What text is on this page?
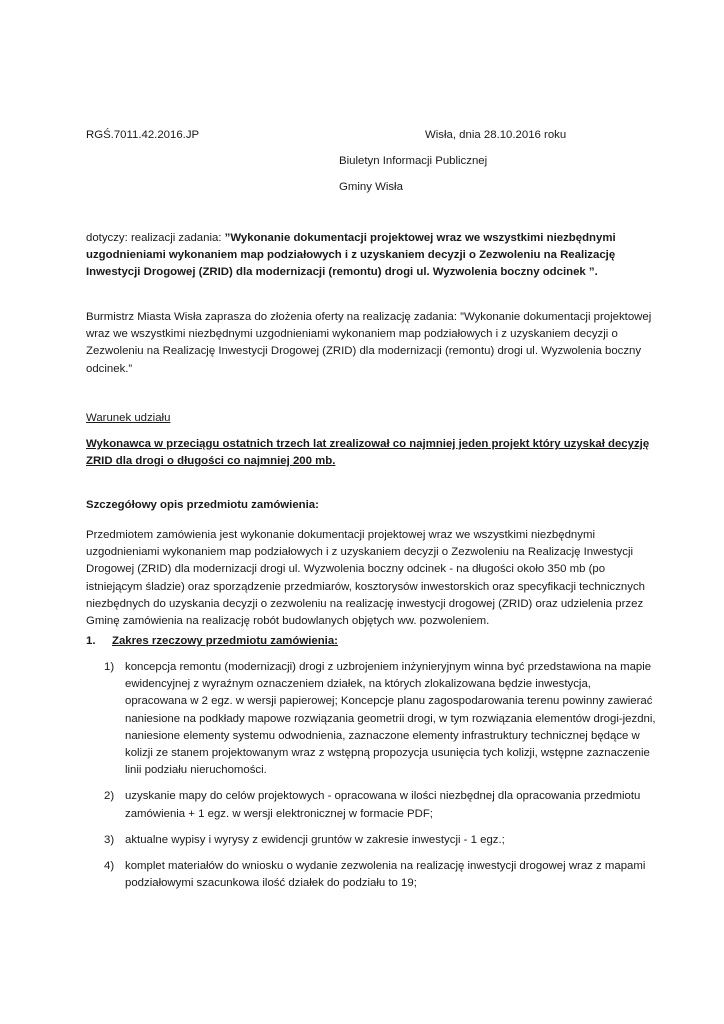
RGŚ.7011.42.2016.JP	Wisła, dnia 28.10.2016 roku
Biuletyn Informacji Publicznej
Gminy Wisła

dotyczy: realizacji zadania: ”Wykonanie dokumentacji projektowej wraz we wszystkimi niezbędnymi uzgodnieniami wykonaniem map podziałowych i z uzyskaniem decyzji o Zezwoleniu na Realizację Inwestycji Drogowej (ZRID) dla modernizacji (remontu) drogi ul. Wyzwolenia boczny odcinek ”.

Burmistrz Miasta Wisła zaprasza do złożenia oferty na realizację zadania: ”Wykonanie dokumentacji projektowej wraz we wszystkimi niezbędnymi uzgodnieniami wykonaniem map podziałowych i z uzyskaniem decyzji o Zezwoleniu na Realizację Inwestycji Drogowej (ZRID) dla modernizacji (remontu) drogi ul. Wyzwolenia boczny odcinek.”

Warunek udziału

Wykonawca w przeciągu ostatnich trzech lat zrealizował co najmniej jeden projekt który uzyskał decyzję ZRID dla drogi o długości co najmniej 200 mb.

Szczegółowy opis przedmiotu zamówienia:

Przedmiotem zamówienia jest wykonanie dokumentacji projektowej wraz we wszystkimi niezbędnymi uzgodnieniami wykonaniem map podziałowych i z uzyskaniem decyzji o Zezwoleniu na Realizację Inwestycji Drogowej (ZRID) dla modernizacji drogi ul. Wyzwolenia boczny odcinek - na długości około 350 mb (po istniejącym śladzie) oraz sporządzenie przedmiarów, kosztorysów inwestorskich oraz specyfikacji technicznych niezbędnych do uzyskania decyzji o zezwoleniu na realizację inwestycji drogowej (ZRID) oraz udzielenia przez Gminę zamówienia na realizację robót budowlanych objętych ww. pozwoleniem.

1. Zakres rzeczowy przedmiotu zamówienia:
1) koncepcja remontu (modernizacji) drogi z uzbrojeniem inżynieryjnym winna być przedstawiona na mapie ewidencyjnej z wyraźnym oznaczeniem działek, na których zlokalizowana będzie inwestycja, opracowana w 2 egz. w wersji papierowej; Koncepcje planu zagospodarowania terenu powinny zawierać naniesione na podkłady mapowe rozwiązania geometrii drogi, w tym rozwiązania elementów drogi-jezdni, naniesione elementy systemu odwodnienia, zaznaczone elementy infrastruktury technicznej będące w kolizji ze stanem projektowanym wraz z wstępną propozycja usunięcia tych kolizji, wstępne zaznaczenie linii podziału nieruchomości.
2) uzyskanie mapy do celów projektowych - opracowana w ilości niezbędnej dla opracowania przedmiotu zamówienia + 1 egz. w wersji elektronicznej w formacie PDF;
3) aktualne wypisy i wyrysy z ewidencji gruntów w zakresie inwestycji - 1 egz.;
4) komplet materiałów do wniosku o wydanie zezwolenia na realizację inwestycji drogowej wraz z mapami podziałowymi szacunkowa ilość działek do podziału to 19;
